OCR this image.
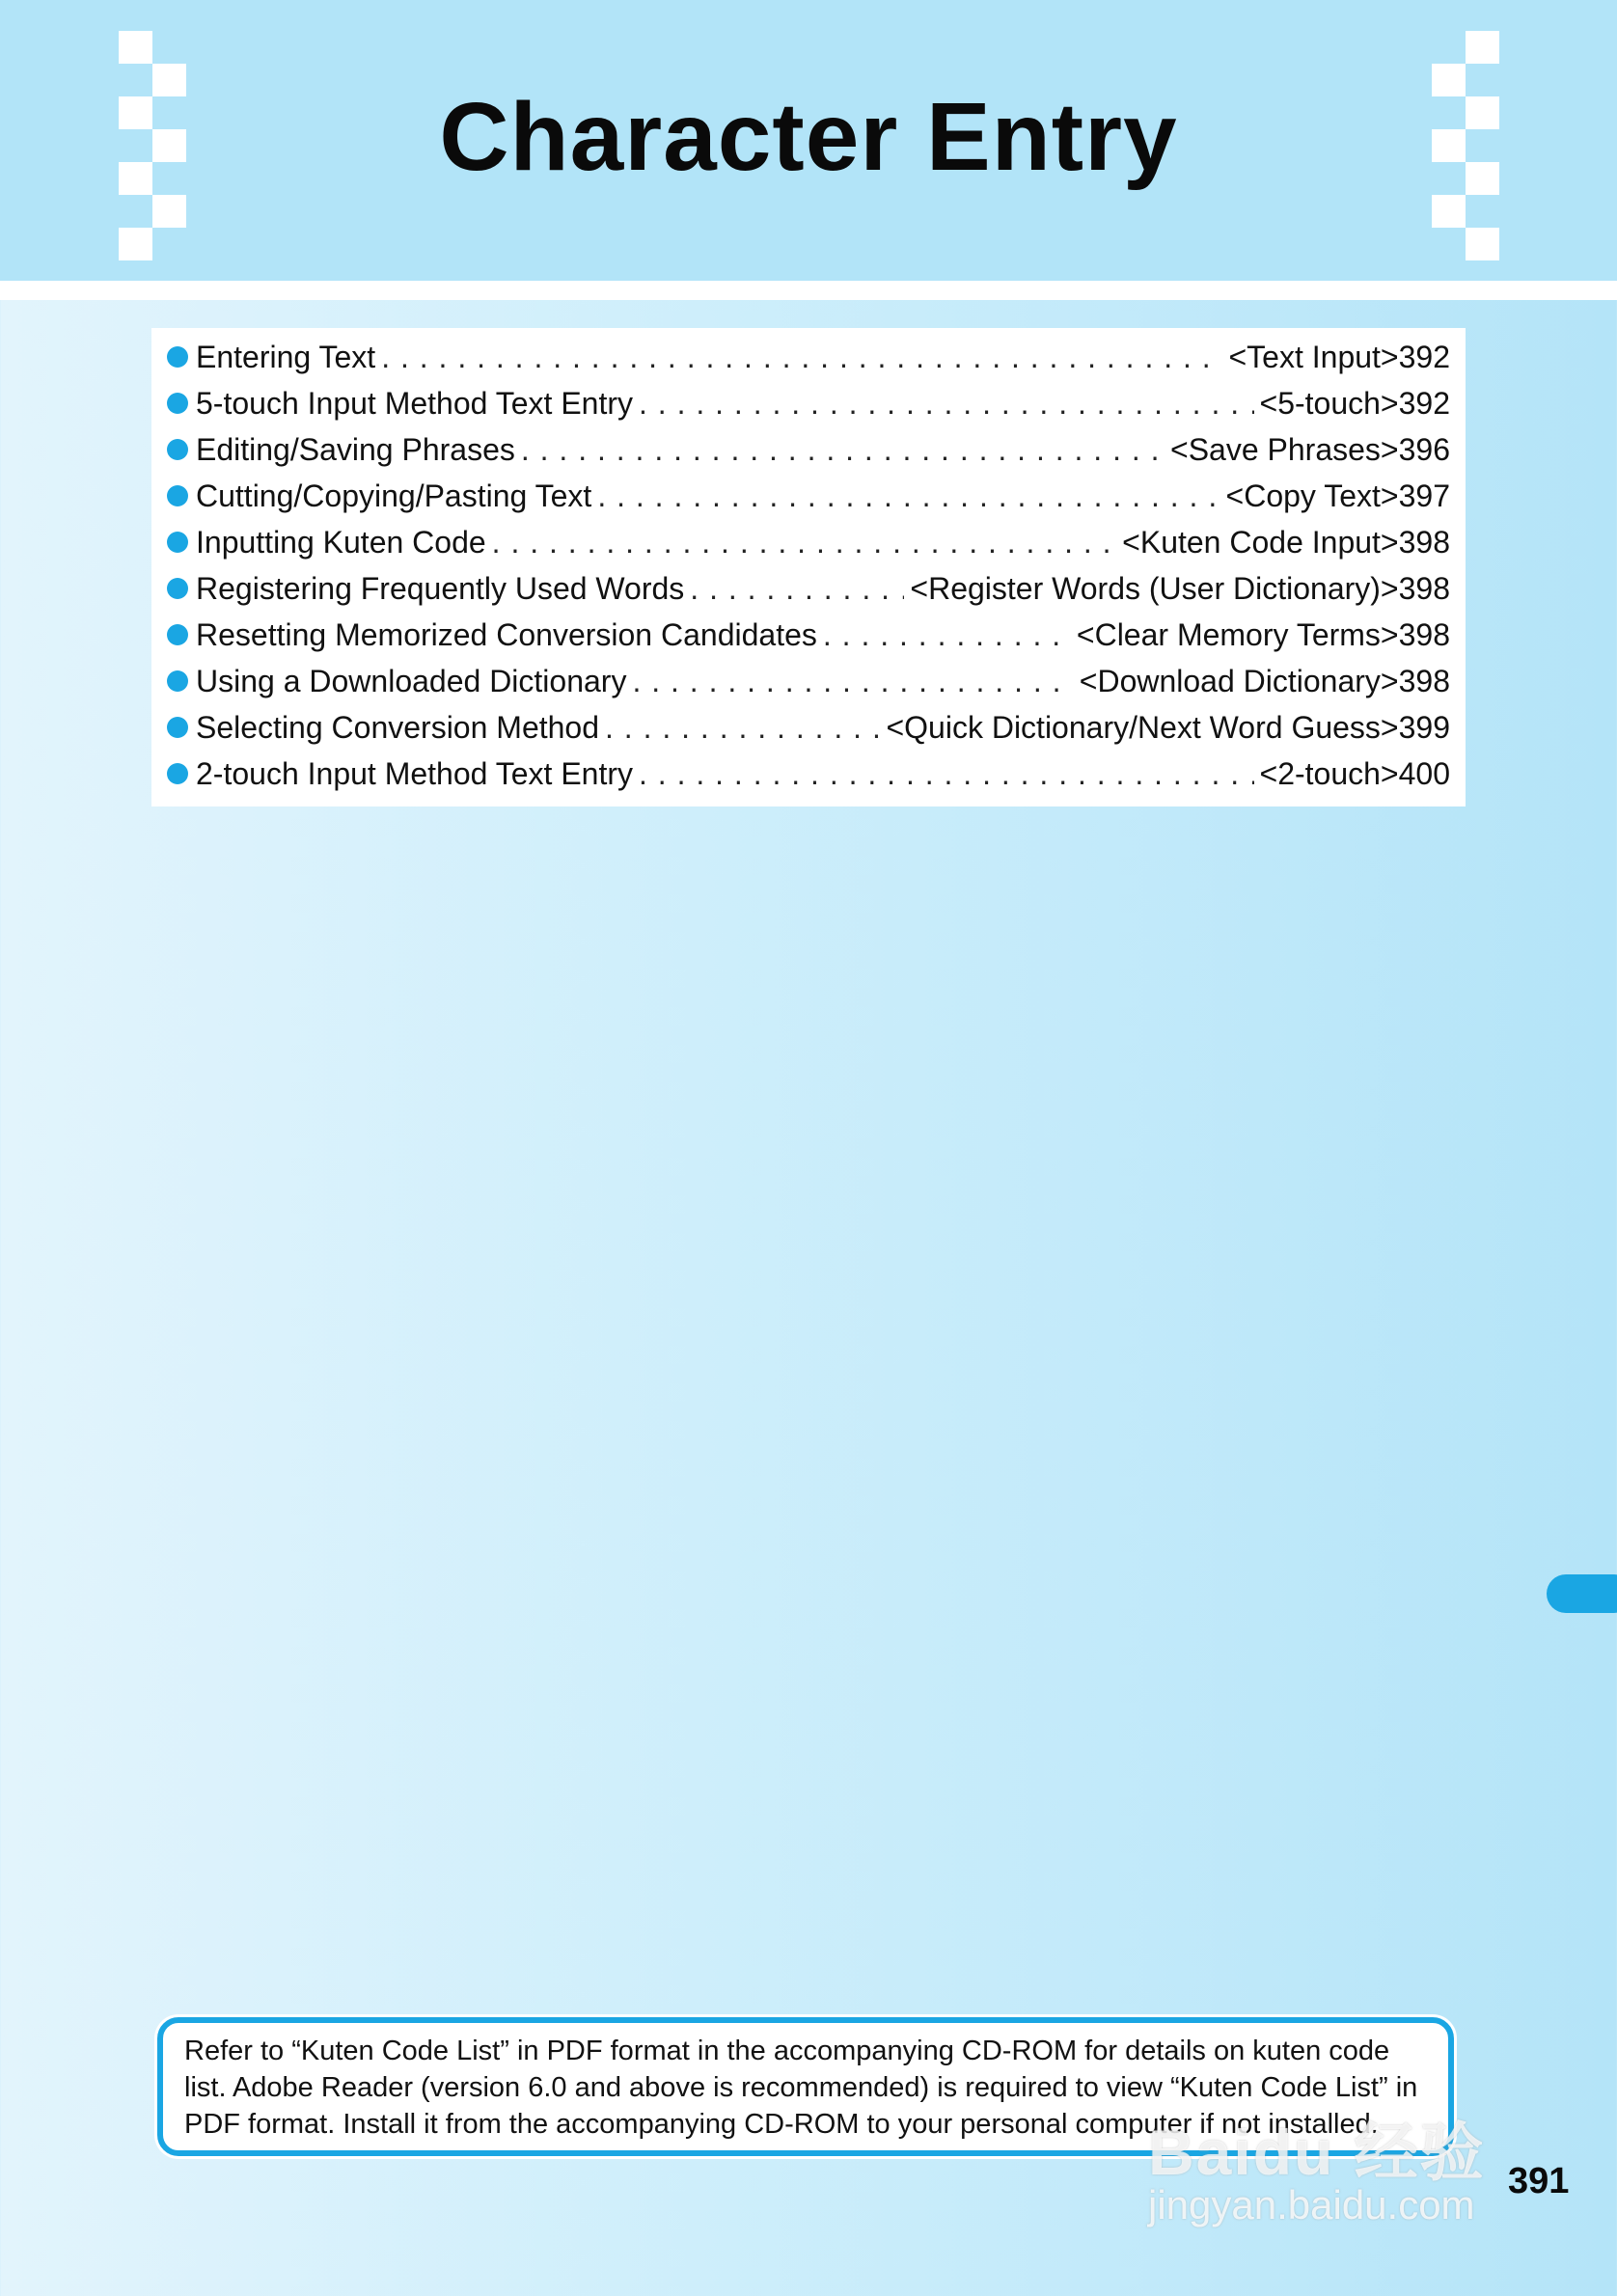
Character Entry
Entering Text . . .	<Text Input> 392
5-touch Input Method Text Entry . . .	<5-touch> 392
Editing/Saving Phrases . . .	<Save Phrases> 396
Cutting/Copying/Pasting Text . . .	<Copy Text> 397
Inputting Kuten Code . . .	<Kuten Code Input> 398
Registering Frequently Used Words . . .	<Register Words (User Dictionary)> 398
Resetting Memorized Conversion Candidates . . .	<Clear Memory Terms> 398
Using a Downloaded Dictionary . . .	<Download Dictionary> 398
Selecting Conversion Method . . .	<Quick Dictionary/Next Word Guess> 399
2-touch Input Method Text Entry . . .	<2-touch> 400

Refer to “Kuten Code List” in PDF format in the accompanying CD-ROM for details on kuten code list. Adobe Reader (version 6.0 and above is recommended) is required to view “Kuten Code List” in PDF format. Install it from the accompanying CD-ROM to your personal computer if not installed.

Baidu 经验
jingyan.baidu.com
391
